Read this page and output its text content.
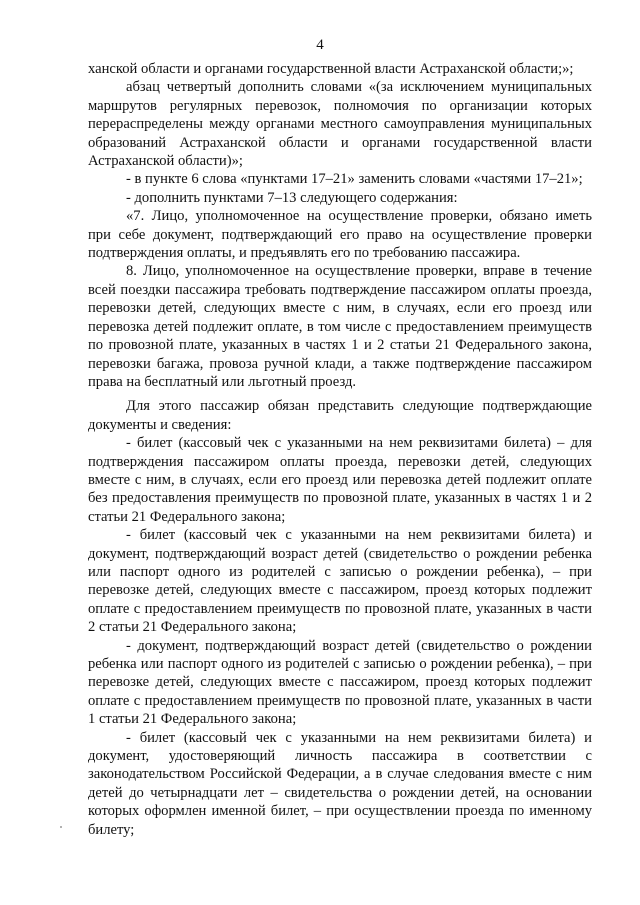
4

ханской области и органами государственной власти Астраханской области;»;

абзац четвертый дополнить словами «(за исключением муниципальных маршрутов регулярных перевозок, полномочия по организации которых перераспределены между органами местного самоуправления муниципальных образований Астраханской области и органами государственной власти Астраханской области)»;

- в пункте 6 слова «пунктами 17–21» заменить словами «частями 17–21»;

- дополнить пунктами 7–13 следующего содержания:

«7. Лицо, уполномоченное на осуществление проверки, обязано иметь при себе документ, подтверждающий его право на осуществление проверки подтверждения оплаты, и предъявлять его по требованию пассажира.

8. Лицо, уполномоченное на осуществление проверки, вправе в течение всей поездки пассажира требовать подтверждение пассажиром оплаты проезда, перевозки детей, следующих вместе с ним, в случаях, если его проезд или перевозка детей подлежит оплате, в том числе с предоставлением преимуществ по провозной плате, указанных в частях 1 и 2 статьи 21 Федерального закона, перевозки багажа, провоза ручной клади, а также подтверждение пассажиром права на бесплатный или льготный проезд.

Для этого пассажир обязан представить следующие подтверждающие документы и сведения:

- билет (кассовый чек с указанными на нем реквизитами билета) – для подтверждения пассажиром оплаты проезда, перевозки детей, следующих вместе с ним, в случаях, если его проезд или перевозка детей подлежит оплате без предоставления преимуществ по провозной плате, указанных в частях 1 и 2 статьи 21 Федерального закона;

- билет (кассовый чек с указанными на нем реквизитами билета) и документ, подтверждающий возраст детей (свидетельство о рождении ребенка или паспорт одного из родителей с записью о рождении ребенка), – при перевозке детей, следующих вместе с пассажиром, проезд которых подлежит оплате с предоставлением преимуществ по провозной плате, указанных в части 2 статьи 21 Федерального закона;

- документ, подтверждающий возраст детей (свидетельство о рождении ребенка или паспорт одного из родителей с записью о рождении ребенка), – при перевозке детей, следующих вместе с пассажиром, проезд которых подлежит оплате с предоставлением преимуществ по провозной плате, указанных в части 1 статьи 21 Федерального закона;

- билет (кассовый чек с указанными на нем реквизитами билета) и документ, удостоверяющий личность пассажира в соответствии с законодательством Российской Федерации, а в случае следования вместе с ним детей до четырнадцати лет – свидетельства о рождении детей, на основании которых оформлен именной билет, – при осуществлении проезда по именному билету;
